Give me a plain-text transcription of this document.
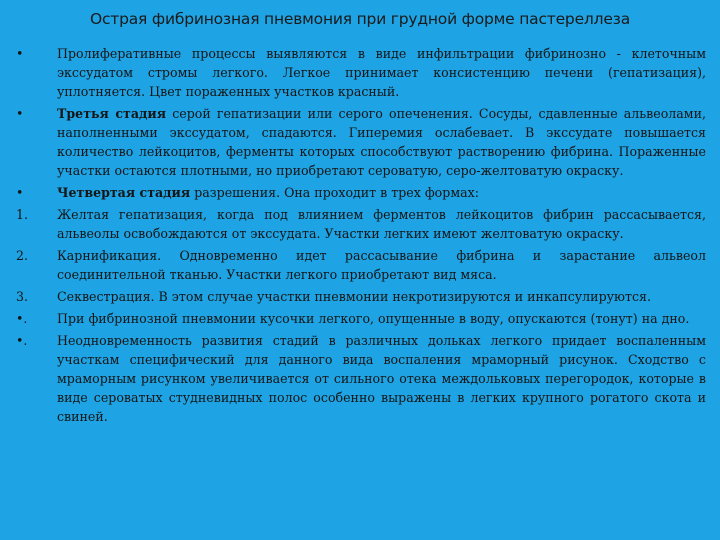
Острая фибринозная пневмония при грудной форме пастереллеза
•	Пролиферативные процессы выявляются в виде инфильтрации фибринозно - клеточным экссудатом стромы легкого. Легкое принимает консистенцию печени (гепатизация), уплотняется. Цвет пораженных участков красный.
•	Третья стадия серой гепатизации или серого опеченения. Сосуды, сдавленные альвеолами, наполненными экссудатом, спадаются. Гиперемия ослабевает. В экссудате повышается количество лейкоцитов, ферменты которых способствуют растворению фибрина. Пораженные участки остаются плотными, но приобретают сероватую, серо-желтоватую окраску.
•	Четвертая стадия разрешения. Она проходит в трех формах:
1.	Желтая гепатизация, когда под влиянием ферментов лейкоцитов фибрин рассасывается, альвеолы освобождаются от экссудата. Участки легких имеют желтоватую окраску.
2.	Карнификация. Одновременно идет рассасывание фибрина и зарастание альвеол соединительной тканью. Участки легкого приобретают вид мяса.
3.	Секвестрация. В этом случае участки пневмонии некротизируются и инкапсулируются.
•.	При фибринозной пневмонии кусочки легкого, опущенные в воду, опускаются (тонут) на дно.
•.	Неодновременность развития стадий в различных дольках легкого придает воспаленным участкам специфический для данного вида воспаления мраморный рисунок. Сходство с мраморным рисунком увеличивается от сильного отека междольковых перегородок, которые в виде сероватых студневидных полос особенно выражены в легких крупного рогатого скота и свиней.
